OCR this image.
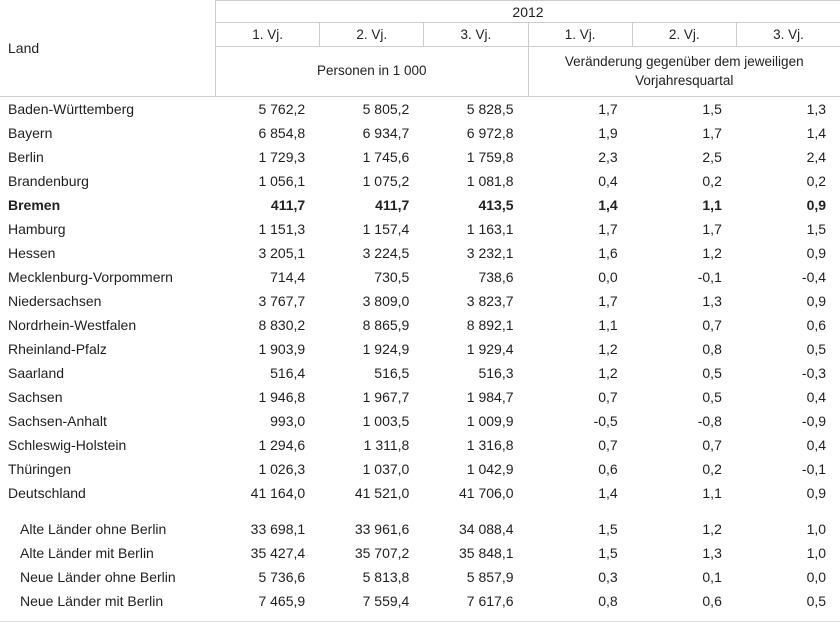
Land
2012
1. Vj.	2. Vj.	3. Vj.	1. Vj.	2. Vj.	3. Vj.
Personen in 1 000
Veränderung gegenüber dem jeweiligen Vorjahresquartal
Baden-Württemberg	5 762,2	5 805,2	5 828,5	1,7	1,5	1,3
Bayern	6 854,8	6 934,7	6 972,8	1,9	1,7	1,4
Berlin	1 729,3	1 745,6	1 759,8	2,3	2,5	2,4
Brandenburg	1 056,1	1 075,2	1 081,8	0,4	0,2	0,2
Bremen	411,7	411,7	413,5	1,4	1,1	0,9
Hamburg	1 151,3	1 157,4	1 163,1	1,7	1,7	1,5
Hessen	3 205,1	3 224,5	3 232,1	1,6	1,2	0,9
Mecklenburg-Vorpommern	714,4	730,5	738,6	0,0	-0,1	-0,4
Niedersachsen	3 767,7	3 809,0	3 823,7	1,7	1,3	0,9
Nordrhein-Westfalen	8 830,2	8 865,9	8 892,1	1,1	0,7	0,6
Rheinland-Pfalz	1 903,9	1 924,9	1 929,4	1,2	0,8	0,5
Saarland	516,4	516,5	516,3	1,2	0,5	-0,3
Sachsen	1 946,8	1 967,7	1 984,7	0,7	0,5	0,4
Sachsen-Anhalt	993,0	1 003,5	1 009,9	-0,5	-0,8	-0,9
Schleswig-Holstein	1 294,6	1 311,8	1 316,8	0,7	0,7	0,4
Thüringen	1 026,3	1 037,0	1 042,9	0,6	0,2	-0,1
Deutschland	41 164,0	41 521,0	41 706,0	1,4	1,1	0,9
Alte Länder ohne Berlin	33 698,1	33 961,6	34 088,4	1,5	1,2	1,0
Alte Länder mit Berlin	35 427,4	35 707,2	35 848,1	1,5	1,3	1,0
Neue Länder ohne Berlin	5 736,6	5 813,8	5 857,9	0,3	0,1	0,0
Neue Länder mit Berlin	7 465,9	7 559,4	7 617,6	0,8	0,6	0,5
